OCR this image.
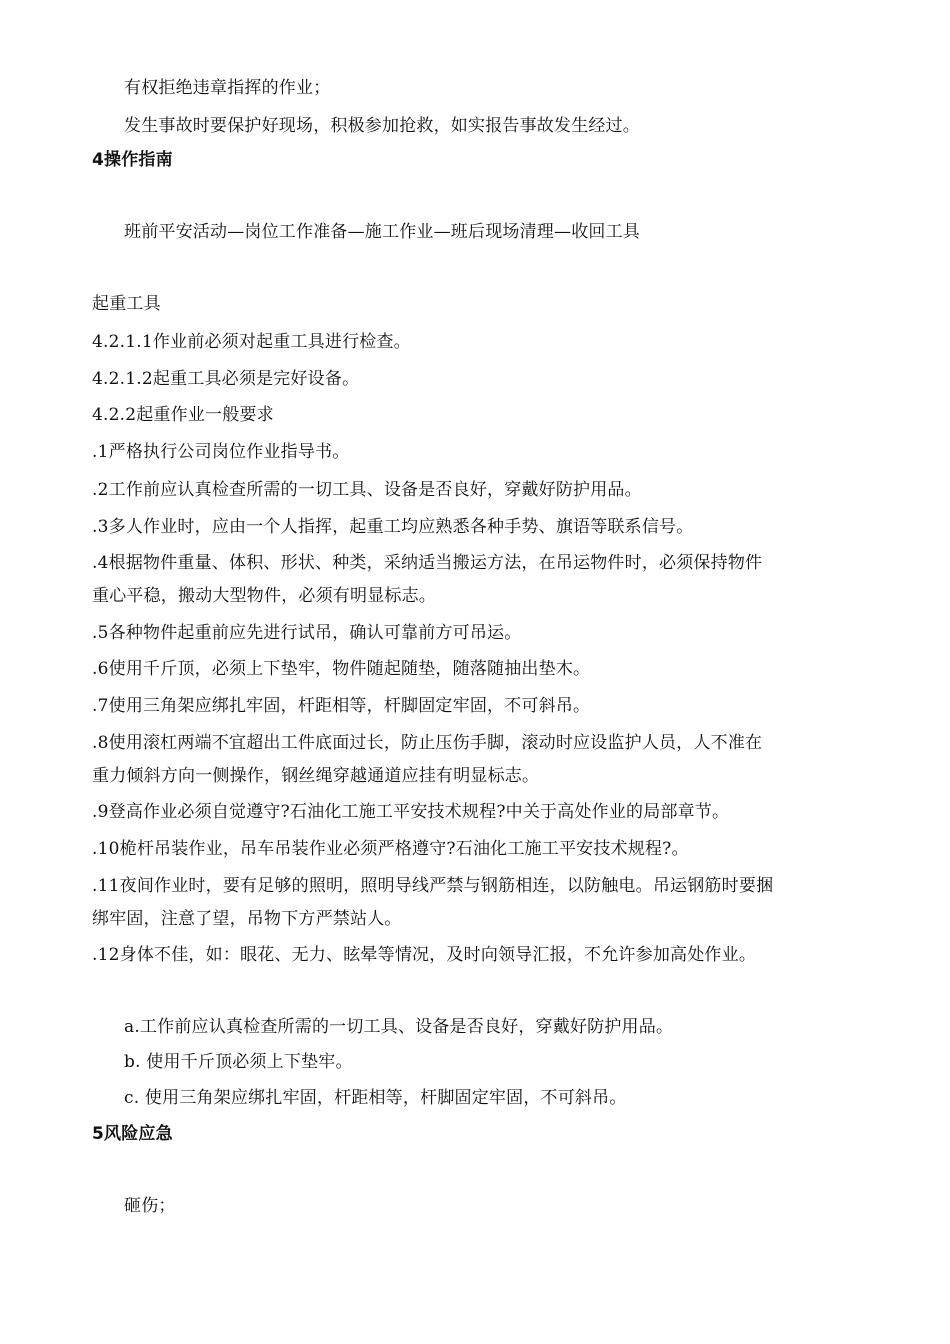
有权拒绝违章指挥的作业；
发生事故时要保护好现场，积极参加抢救，如实报告事故发生经过。
4操作指南
班前平安活动—岗位工作准备—施工作业—班后现场清理—收回工具
起重工具
4.2.1.1作业前必须对起重工具进行检查。
4.2.1.2起重工具必须是完好设备。
4.2.2起重作业一般要求
.1严格执行公司岗位作业指导书。
.2工作前应认真检查所需的一切工具、设备是否良好，穿戴好防护用品。
.3多人作业时，应由一个人指挥，起重工均应熟悉各种手势、旗语等联系信号。
.4根据物件重量、体积、形状、种类，采纳适当搬运方法，在吊运物件时，必须保持物件
重心平稳，搬动大型物件，必须有明显标志。
.5各种物件起重前应先进行试吊，确认可靠前方可吊运。
.6使用千斤顶，必须上下垫牢，物件随起随垫，随落随抽出垫木。
.7使用三角架应绑扎牢固，杆距相等，杆脚固定牢固，不可斜吊。
.8使用滚杠两端不宜超出工件底面过长，防止压伤手脚，滚动时应设监护人员，人不准在
重力倾斜方向一侧操作，钢丝绳穿越通道应挂有明显标志。
.9登高作业必须自觉遵守?石油化工施工平安技术规程?中关于高处作业的局部章节。
.10桅杆吊装作业，吊车吊装作业必须严格遵守?石油化工施工平安技术规程?。
.11夜间作业时，要有足够的照明，照明导线严禁与钢筋相连，以防触电。吊运钢筋时要捆
绑牢固，注意了望，吊物下方严禁站人。
.12身体不佳，如：眼花、无力、眩晕等情况，及时向领导汇报，不允许参加高处作业。
a.工作前应认真检查所需的一切工具、设备是否良好，穿戴好防护用品。
b. 使用千斤顶必须上下垫牢。
c. 使用三角架应绑扎牢固，杆距相等，杆脚固定牢固，不可斜吊。
5风险应急
砸伤；
